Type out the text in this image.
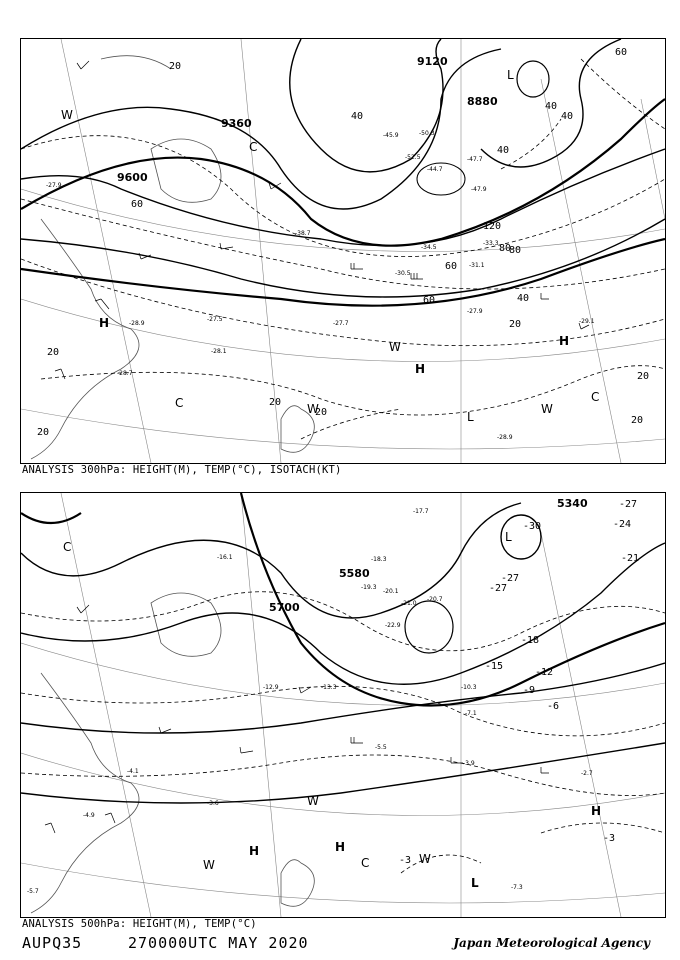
-27.9
-28.9
-28.7
-29.1
-28.9
-27.7
-27.9
-27.5
-28.1
-30.5
-31.1
-33.3
-34.5
-38.7
-47.9
-47.7
-50.3
-52.5
-44.7
-45.9
9600
9360
9120
8880
20
40
60
80
120
40
60	40
20
20
40
60
20
20
20
20
80
60
40
20
W
C
C
H
H
H
L
L
C
W
W
W
ANALYSIS 300hPa: HEIGHT(M), TEMP(°C), ISOTACH(KT)
-21.0
-20.7
-22.9
-13.3
-12.9	-10.3
-7.1
-5.5
-3.9
-4.1
-4.9
-2.7
-7.3
-3.6
-5.7
-16.1
-17.7
-18.3
-19.3
-20.1
5340
5580
5700
-27
-30	-24
-21
-27
-18
-15
-12
-9
-6
-3
-3
-27
L
L
H	H
H
W
W
W
C
C
ANALYSIS 500hPa: HEIGHT(M), TEMP(°C)
AUPQ35	270000UTC MAY 2020	Japan Meteorological Agency
